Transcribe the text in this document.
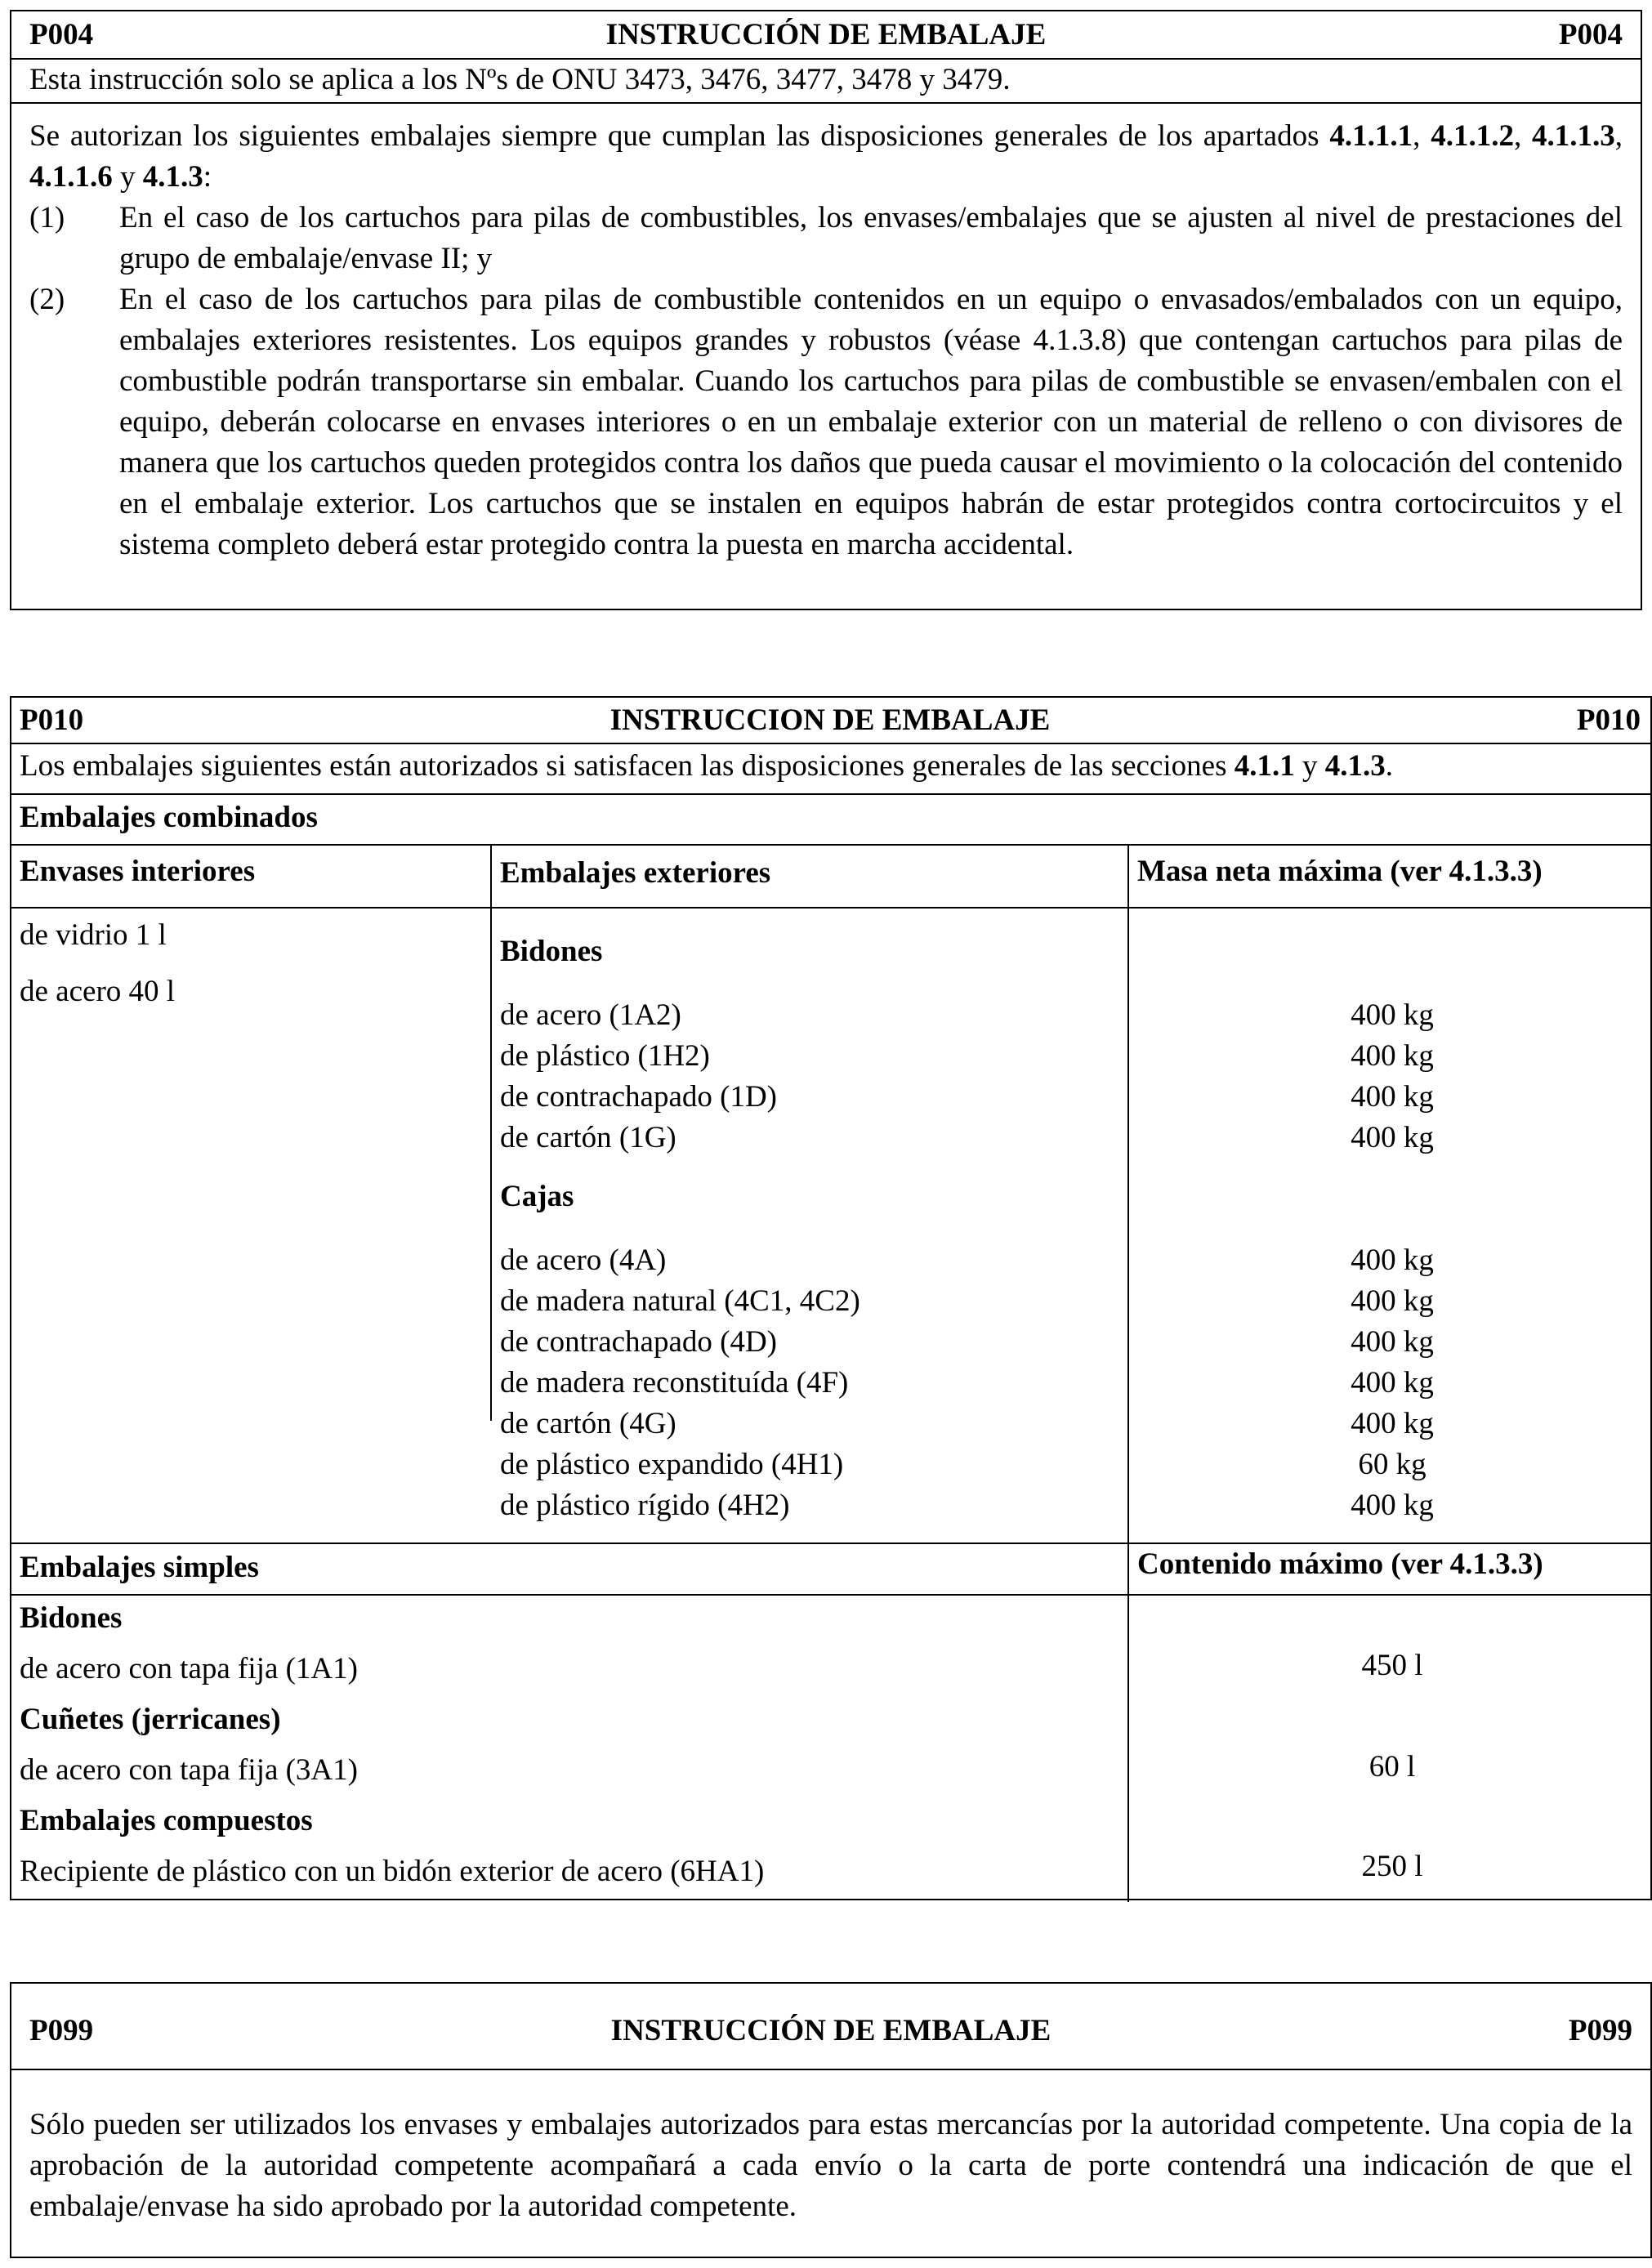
P004	INSTRUCCIÓN DE EMBALAJE	P004
Esta instrucción solo se aplica a los Nºs de ONU 3473, 3476, 3477, 3478 y 3479.

Se autorizan los siguientes embalajes siempre que cumplan las disposiciones generales de los apartados 4.1.1.1, 4.1.1.2, 4.1.1.3, 4.1.1.6 y 4.1.3:

(1) En el caso de los cartuchos para pilas de combustibles, los envases/embalajes que se ajusten al nivel de prestaciones del grupo de embalaje/envase II; y
(2) En el caso de los cartuchos para pilas de combustible contenidos en un equipo o envasados/embalados con un equipo, embalajes exteriores resistentes. Los equipos grandes y robustos (véase 4.1.3.8) que contengan cartuchos para pilas de combustible podrán transportarse sin embalar. Cuando los cartuchos para pilas de combustible se envasen/embalen con el equipo, deberán colocarse en envases interiores o en un embalaje exterior con un material de relleno o con divisores de manera que los cartuchos queden protegidos contra los daños que pueda causar el movimiento o la colocación del contenido en el embalaje exterior. Los cartuchos que se instalen en equipos habrán de estar protegidos contra cortocircuitos y el sistema completo deberá estar protegido contra la puesta en marcha accidental.
P010	INSTRUCCION DE EMBALAJE	P010
Los embalajes siguientes están autorizados si satisfacen las disposiciones generales de las secciones 4.1.1 y 4.1.3.
Embalajes combinados
Envases interiores	Embalajes exteriores	Masa neta máxima (ver 4.1.3.3)
de vidrio 1 l
de acero 40 l
Bidones
de acero (1A2)	400 kg
de plástico (1H2)	400 kg
de contrachapado (1D)	400 kg
de cartón (1G)	400 kg
Cajas
de acero (4A)	400 kg
de madera natural (4C1, 4C2)	400 kg
de contrachapado (4D)	400 kg
de madera reconstituída (4F)	400 kg
de cartón (4G)	400 kg
de plástico expandido (4H1)	60 kg
de plástico rígido (4H2)	400 kg
Embalajes simples	Contenido máximo (ver 4.1.3.3)
Bidones
de acero con tapa fija (1A1)	450 l
Cuñetes (jerricanes)
de acero con tapa fija (3A1)	60 l
Embalajes compuestos
Recipiente de plástico con un bidón exterior de acero (6HA1)	250 l
P099	INSTRUCCIÓN DE EMBALAJE	P099
Sólo pueden ser utilizados los envases y embalajes autorizados para estas mercancías por la autoridad competente. Una copia de la aprobación de la autoridad competente acompañará a cada envío o la carta de porte contendrá una indicación de que el embalaje/envase ha sido aprobado por la autoridad competente.
